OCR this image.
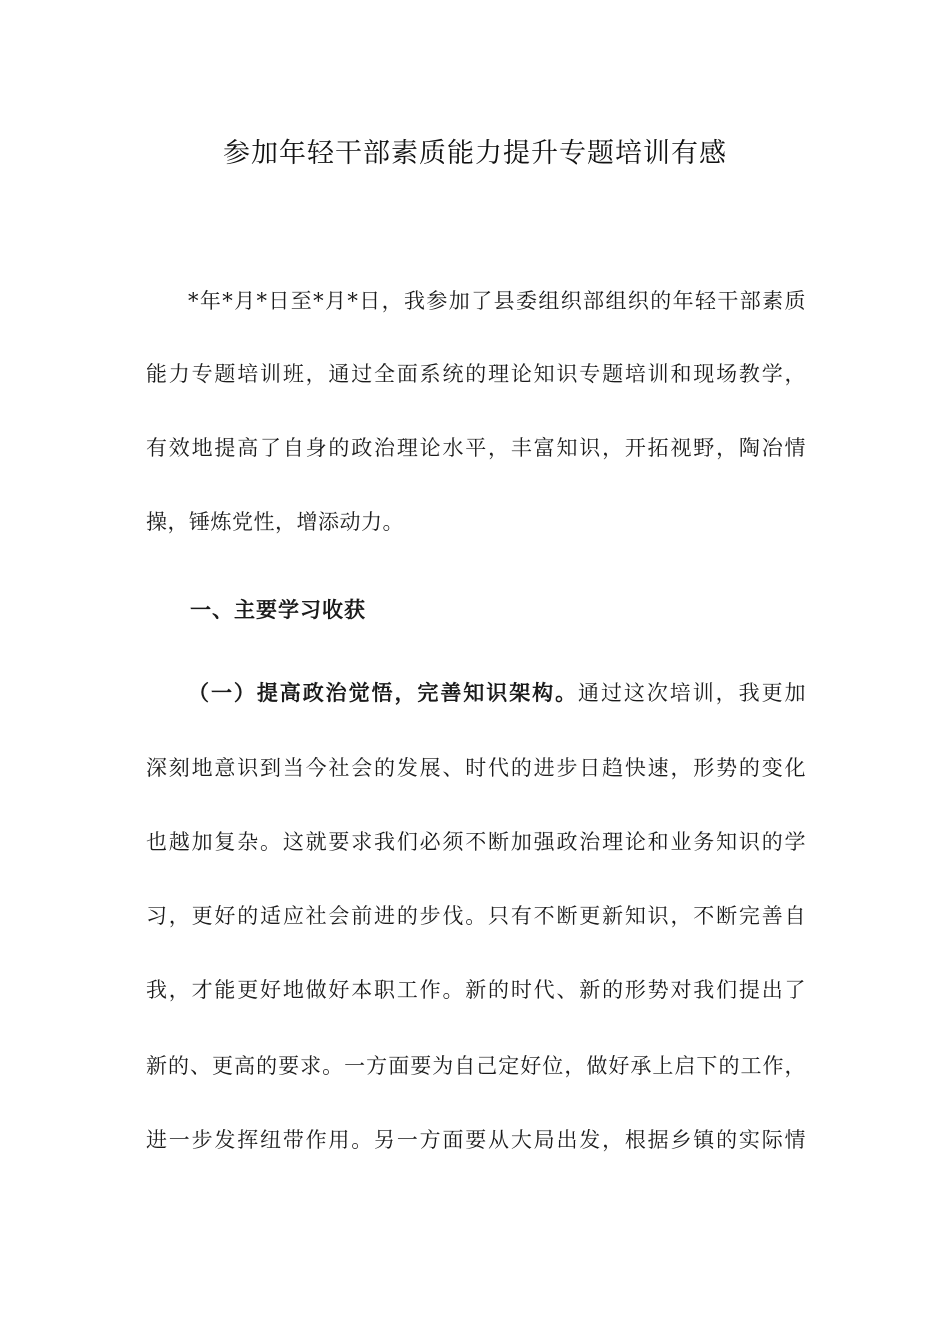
参加年轻干部素质能力提升专题培训有感
*年*月*日至*月*日，我参加了县委组织部组织的年轻干部素质
能力专题培训班，通过全面系统的理论知识专题培训和现场教学，
有效地提高了自身的政治理论水平，丰富知识，开拓视野，陶冶情
操，锤炼党性，增添动力。
一、主要学习收获
（一）提高政治觉悟，完善知识架构。通过这次培训，我更加
深刻地意识到当今社会的发展、时代的进步日趋快速，形势的变化
也越加复杂。这就要求我们必须不断加强政治理论和业务知识的学
习，更好的适应社会前进的步伐。只有不断更新知识，不断完善自
我，才能更好地做好本职工作。新的时代、新的形势对我们提出了
新的、更高的要求。一方面要为自己定好位，做好承上启下的工作，
进一步发挥纽带作用。另一方面要从大局出发，根据乡镇的实际情
